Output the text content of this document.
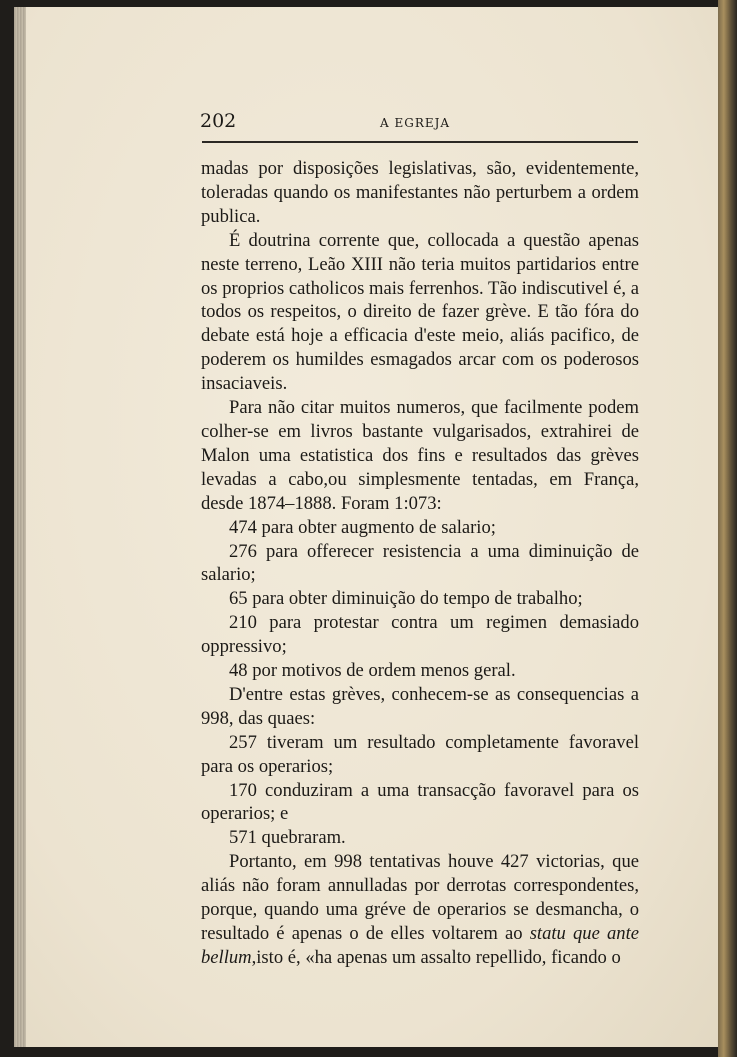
202	A EGREJA

madas por disposições legislativas, são, evidentemente, toleradas quando os manifestantes não perturbem a ordem publica.

É doutrina corrente que, collocada a questão apenas neste terreno, Leão XIII não teria muitos partidarios entre os proprios catholicos mais ferrenhos. Tão indiscutivel é, a todos os respeitos, o direito de fazer grève. E tão fóra do debate está hoje a efficacia d'este meio, aliás pacifico, de poderem os humildes esmagados arcar com os poderosos insaciaveis.

Para não citar muitos numeros, que facilmente podem colher-se em livros bastante vulgarisados, extrahirei de Malon uma estatistica dos fins e resultados das grèves levadas a cabo,ou simplesmente tentadas, em França, desde 1874–1888. Foram 1:073:

474 para obter augmento de salario;

276 para offerecer resistencia a uma diminuição de salario;

65 para obter diminuição do tempo de trabalho;

210 para protestar contra um regimen demasiado oppressivo;

48 por motivos de ordem menos geral.

D'entre estas grèves, conhecem-se as consequencias a 998, das quaes:

257 tiveram um resultado completamente favoravel para os operarios;

170 conduziram a uma transacção favoravel para os operarios; e

571 quebraram.

Portanto, em 998 tentativas houve 427 victorias, que aliás não foram annulladas por derrotas correspondentes, porque, quando uma gréve de operarios se desmancha, o resultado é apenas o de elles voltarem ao statu que ante bellum,isto é, «ha apenas um assalto repellido, ficando o
